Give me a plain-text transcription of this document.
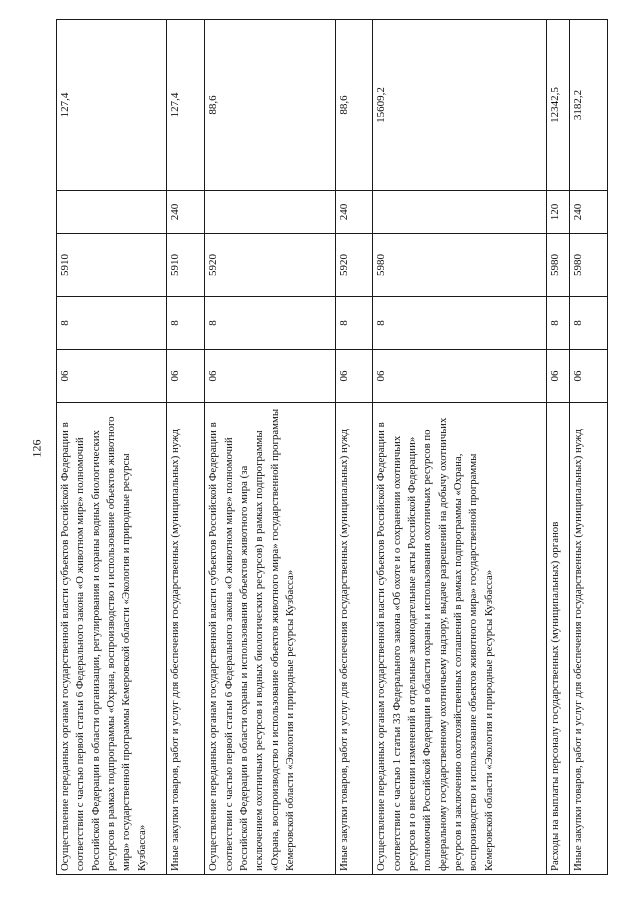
126 Осуществление переданных органам государственной власти субъектов Российской Федерации в соответствии с частью первой статьи 6 Федерального закона «О животном мире» полномочий Российской Федерации в области организации, регулирования и охраны водных биологических ресурсов в рамках подпрограммы «Охрана, воспроизводство и использование объектов животного мира» государственной программы Кемеровской области «Экология и природные ресурсы Кузбасса»	06	8	5910		127,4
Иные закупки товаров, работ и услуг для обеспечения государственных (муниципальных) нужд	06	8	5910	240	127,4
Осуществление переданных органам государственной власти субъектов Российской Федерации в соответствии с частью первой статьи 6 Федерального закона «О животном мире» полномочий Российской Федерации в области охраны и использования объектов животного мира (за исключением охотничьих ресурсов и водных биологических ресурсов) в рамках подпрограммы «Охрана, воспроизводство и использование объектов животного мира» государственной программы Кемеровской области «Экология и природные ресурсы Кузбасса»	06	8	5920		88,6
Иные закупки товаров, работ и услуг для обеспечения государственных (муниципальных) нужд	06	8	5920	240	88,6
Осуществление переданных органам государственной власти субъектов Российской Федерации в соответствии с частью 1 статьи 33 Федерального закона «Об охоте и о сохранении охотничьих ресурсов и о внесении изменений в отдельные законодательные акты Российской Федерации» полномочий Российской Федерации в области охраны и использования охотничьих ресурсов по федеральному государственному охотничьему надзору, выдаче разрешений на добычу охотничьих ресурсов и заключению охотхозяйственных соглашений в рамках подпрограммы «Охрана, воспроизводство и использование объектов животного мира» государственной программы Кемеровской области «Экология и природные ресурсы Кузбасса»	06	8	5980		15609,2
Расходы на выплаты персоналу государственных (муниципальных) органов	06	8	5980	120	12342,5
Иные закупки товаров, работ и услуг для обеспечения государственных (муниципальных) нужд	06	8	5980	240	3182,2
